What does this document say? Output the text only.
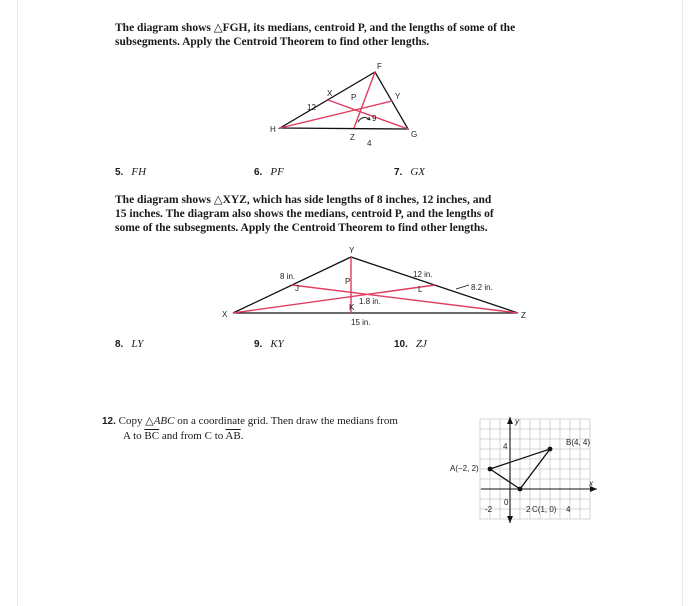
The diagram shows △FGH, its medians, centroid P, and the lengths of some of the
subsegments. Apply the Centroid Theorem to find other lengths.
F
G
H
X	Y
Z
P
12
9
4
5. FH	6. PF	7. GX
The diagram shows △XYZ, which has side lengths of 8 inches, 12 inches, and
15 inches. The diagram also shows the medians, centroid P, and the lengths of
some of the subsegments. Apply the Centroid Theorem to find other lengths.
Y
X	Z
P
J
K
L
8 in.	12 in.
8.2 in.
1.8 in.
15 in.
8. LY	9. KY	10. ZJ
12. Copy △ABC on a coordinate grid. Then draw the medians from
A to $\overline{BC}$ and from C to $\overline{AB}$.
y
x
-2
0
2	4
4
A(−2, 2)
B(4, 4)
C(1, 0)
